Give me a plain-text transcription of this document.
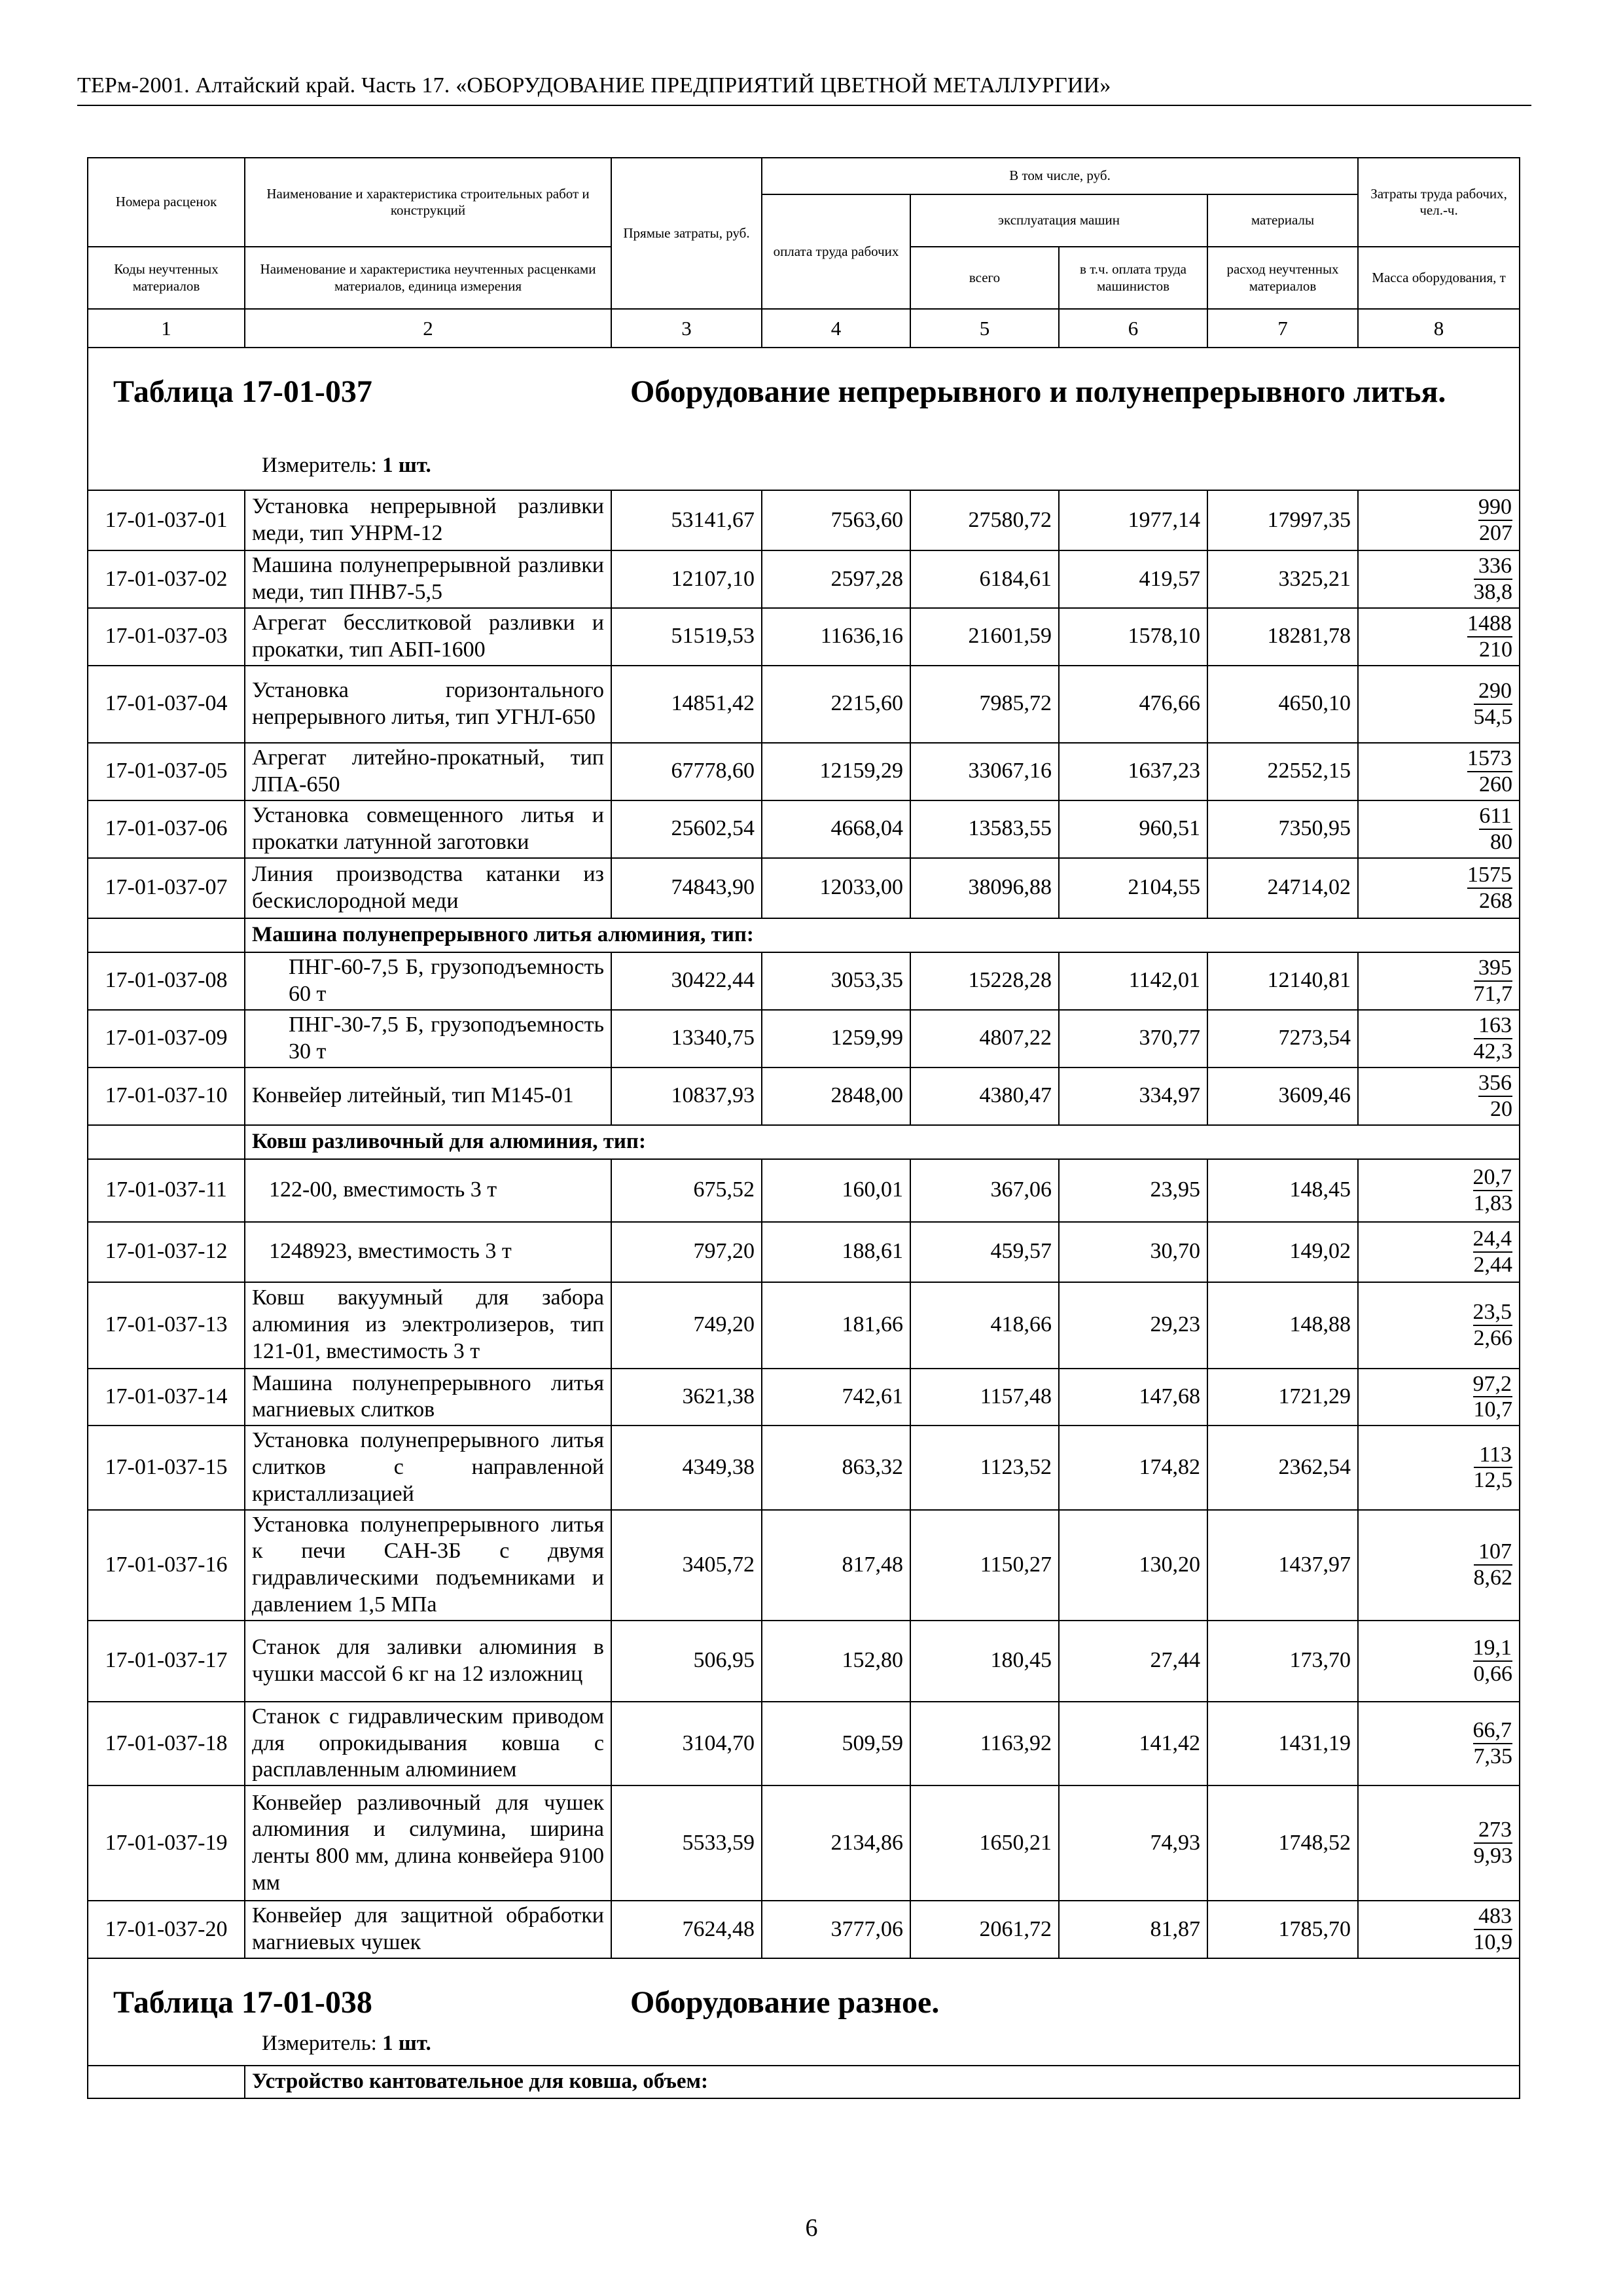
ТЕРм-2001. Алтайский край. Часть 17. «ОБОРУДОВАНИЕ ПРЕДПРИЯТИЙ ЦВЕТНОЙ МЕТАЛЛУРГИИ»
Номера расценок	Наименование и характеристика строительных работ и конструкций	Прямые затраты, руб.	В том числе, руб.				Затраты труда рабочих, чел.-ч.
			оплата труда рабочих	эксплуатация машин		материалы	
Коды неучтенных материалов	Наименование и характеристика неучтенных расценками материалов, единица измерения			всего	в т.ч. оплата труда машинистов	расход неучтенных материалов	Масса оборудования, т
1	2	3	4	5	6	7	8

Таблица 17-01-037 Оборудование непрерывного и полунепрерывного литья.
Измеритель: 1 шт.							

17-01-037-01	Установка непрерывной разливки меди, тип УНРМ-12	53141,67	7563,60	27580,72	1977,14	17997,35	$\frac{990}{207}$

17-01-037-02	Машина полунепрерывной разливки меди, тип ПНВ7-5,5	12107,10	2597,28	6184,61	419,57	3325,21	$\frac{336}{38,8}$

17-01-037-03	Агрегат бесслитковой разливки и прокатки, тип АБП-1600	51519,53	11636,16	21601,59	1578,10	18281,78	$\frac{1488}{210}$

17-01-037-04	Установка горизонтального непрерывного литья, тип УГНЛ-650	14851,42	2215,60	7985,72	476,66	4650,10	$\frac{290}{54,5}$

17-01-037-05	Агрегат литейно-прокатный, тип ЛПА-650	67778,60	12159,29	33067,16	1637,23	22552,15	$\frac{1573}{260}$

17-01-037-06	Установка совмещенного литья и прокатки латунной заготовки	25602,54	4668,04	13583,55	960,51	7350,95	$\frac{611}{80}$

17-01-037-07	Линия производства катанки из бескислородной меди	74843,90	12033,00	38096,88	2104,55	24714,02	$\frac{1575}{268}$

	Машина полунепрерывного литья алюминия, тип:						
17-01-037-08	ПНГ-60-7,5 Б, грузоподъемность 60 т	30422,44	3053,35	15228,28	1142,01	12140,81	$\frac{395}{71,7}$

17-01-037-09	ПНГ-30-7,5 Б, грузоподъемность 30 т	13340,75	1259,99	4807,22	370,77	7273,54	$\frac{163}{42,3}$

17-01-037-10	Конвейер литейный, тип М145-01	10837,93	2848,00	4380,47	334,97	3609,46	$\frac{356}{20}$

	Ковш разливочный для алюминия, тип:						
17-01-037-11	122-00, вместимость 3 т	675,52	160,01	367,06	23,95	148,45	$\frac{20,7}{1,83}$

17-01-037-12	1248923, вместимость 3 т	797,20	188,61	459,57	30,70	149,02	$\frac{24,4}{2,44}$

17-01-037-13	Ковш вакуумный для забора алюминия из электролизеров, тип 121-01, вместимость 3 т	749,20	181,66	418,66	29,23	148,88	$\frac{23,5}{2,66}$

17-01-037-14	Машина полунепрерывного литья магниевых слитков	3621,38	742,61	1157,48	147,68	1721,29	$\frac{97,2}{10,7}$

17-01-037-15	Установка полунепрерывного литья слитков с направленной кристаллизацией	4349,38	863,32	1123,52	174,82	2362,54	$\frac{113}{12,5}$

17-01-037-16	Установка полунепрерывного литья к печи САН-3Б с двумя гидравлическими подъемниками и давлением 1,5 МПа	3405,72	817,48	1150,27	130,20	1437,97	$\frac{107}{8,62}$

17-01-037-17	Станок для заливки алюминия в чушки массой 6 кг на 12 изложниц	506,95	152,80	180,45	27,44	173,70	$\frac{19,1}{0,66}$

17-01-037-18	Станок с гидравлическим приводом для опрокидывания ковша с расплавленным алюминием	3104,70	509,59	1163,92	141,42	1431,19	$\frac{66,7}{7,35}$

17-01-037-19	Конвейер разливочный для чушек алюминия и силумина, ширина ленты 800 мм, длина конвейера 9100 мм	5533,59	2134,86	1650,21	74,93	1748,52	$\frac{273}{9,93}$

17-01-037-20	Конвейер для защитной обработки магниевых чушек	7624,48	3777,06	2061,72	81,87	1785,70	$\frac{483}{10,9}$

Таблица 17-01-038 Оборудование разное.
Измеритель: 1 шт.							

	Устройство кантовательное для ковша, объем:						
6
